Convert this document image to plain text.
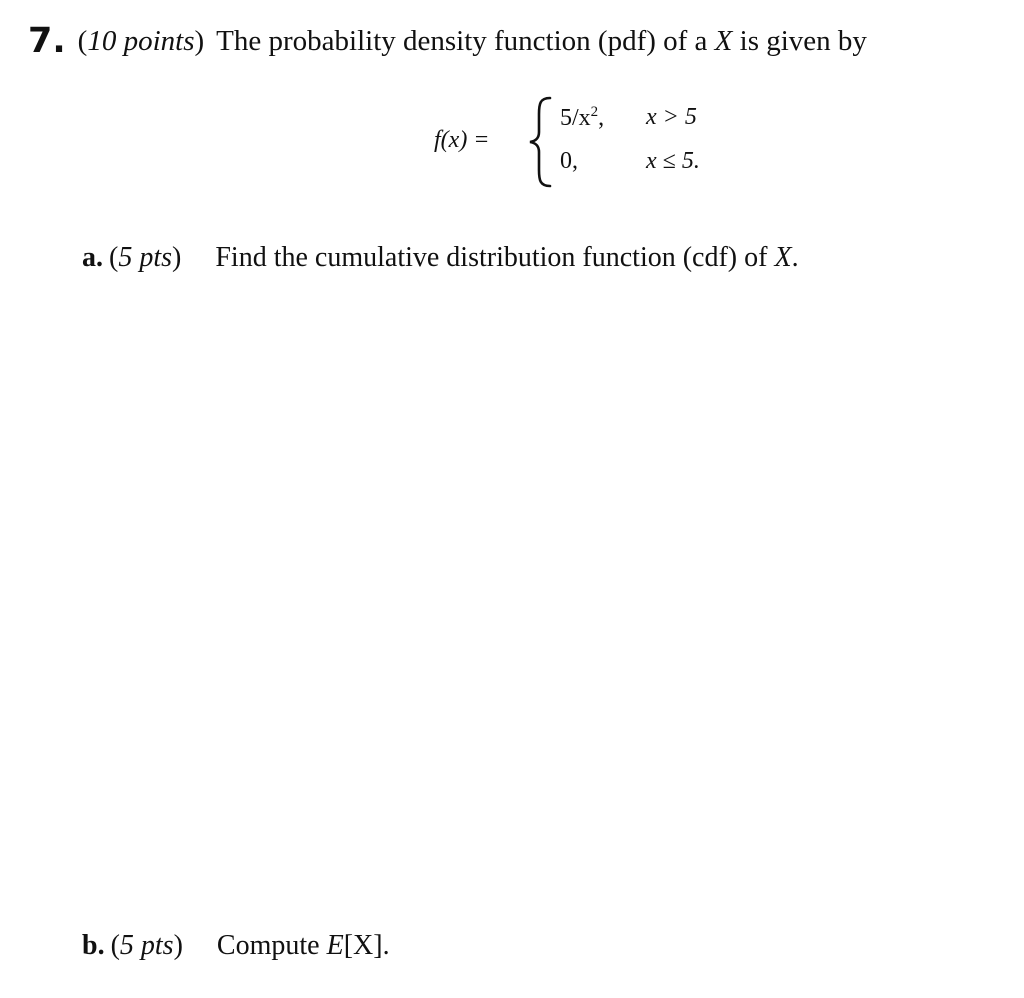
7. (10 points) The probability density function (pdf) of a X is given by
f(x) =
$5/x^2$, x > 5
0,	x ≤ 5.
a. (5 pts) Find the cumulative distribution function (cdf) of X.
b. (5 pts) Compute E[X].
